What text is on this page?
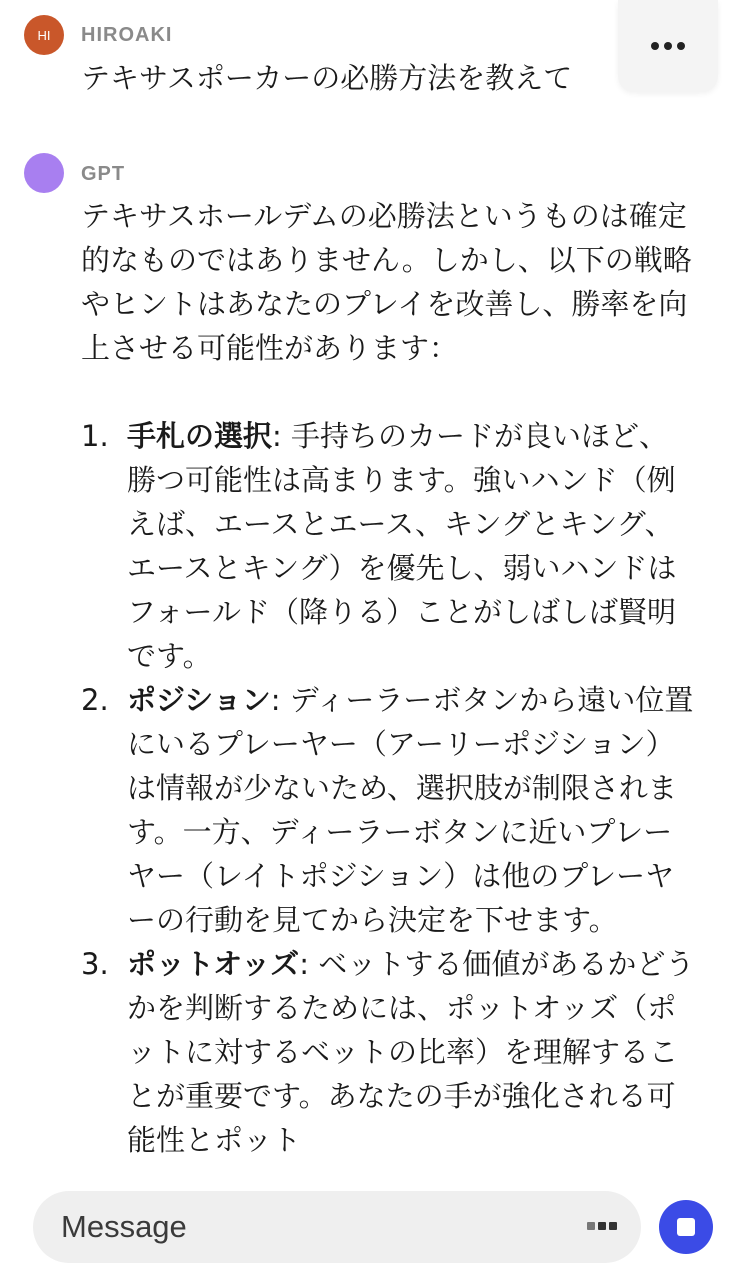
HI HIROAKI
テキサスポーカーの必勝方法を教えて
GPT

テキサスホールデムの必勝法というものは確定的なものではありません。しかし、以下の戦略やヒントはあなたのプレイを改善し、勝率を向上させる可能性があります：

1. 手札の選択: 手持ちのカードが良いほど、勝つ可能性は高まります。強いハンド（例えば、エースとエース、キングとキング、エースとキング）を優先し、弱いハンドはフォールド（降りる）ことがしばしば賢明です。
2. ポジション: ディーラーボタンから遠い位置にいるプレーヤー（アーリーポジション）は情報が少ないため、選択肢が制限されます。一方、ディーラーボタンに近いプレーヤー（レイトポジション）は他のプレーヤーの行動を見てから決定を下せます。
3. ポットオッズ: ベットする価値があるかどうかを判断するためには、ポットオッズ（ポットに対するベットの比率）を理解することが重要です。あなたの手が強化される可能性とポット
Message
